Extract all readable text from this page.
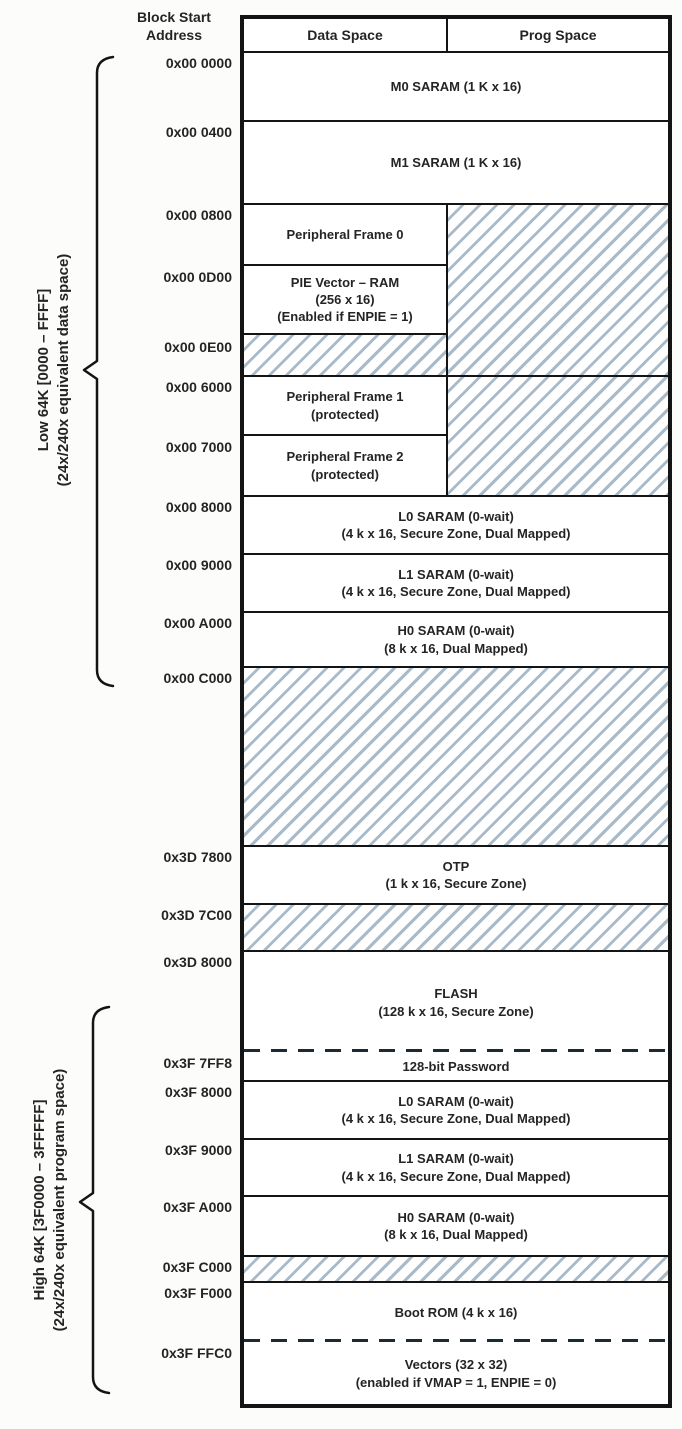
Block Start
Address	Data Space	Prog Space
M0 SARAM (1 K x 16)
M1 SARAM (1 K x 16)
Peripheral Frame 0
PIE Vector – RAM
(256 x 16)
(Enabled if ENPIE = 1)
Peripheral Frame 1
(protected)
Peripheral Frame 2
(protected)
L0 SARAM (0-wait)
(4 k x 16, Secure Zone, Dual Mapped)
L1 SARAM (0-wait)
(4 k x 16, Secure Zone, Dual Mapped)
H0 SARAM (0-wait)
(8 k x 16, Dual Mapped)
OTP
(1 k x 16, Secure Zone)
FLASH
(128 k x 16, Secure Zone)
128-bit Password
L0 SARAM (0-wait)
(4 k x 16, Secure Zone, Dual Mapped)
L1 SARAM (0-wait)
(4 k x 16, Secure Zone, Dual Mapped)
H0 SARAM (0-wait)
(8 k x 16, Dual Mapped)
Boot ROM (4 k x 16)
Vectors (32 x 32)
(enabled if VMAP = 1, ENPIE = 0)
0x00 0000
0x00 0400
0x00 0800
0x00 0D00
0x00 0E00
0x00 6000
0x00 7000
0x00 8000
0x00 9000
0x00 A000
0x00 C000
0x3D 7800
0x3D 7C00
0x3D 8000
0x3F 7FF8
0x3F 8000
0x3F 9000
0x3F A000
0x3F C000
0x3F F000
0x3F FFC0
Low 64K [0000 – FFFF] (24x/240x equivalent data space)
High 64K [3F0000 – 3FFFFF] (24x/240x equivalent program space)
